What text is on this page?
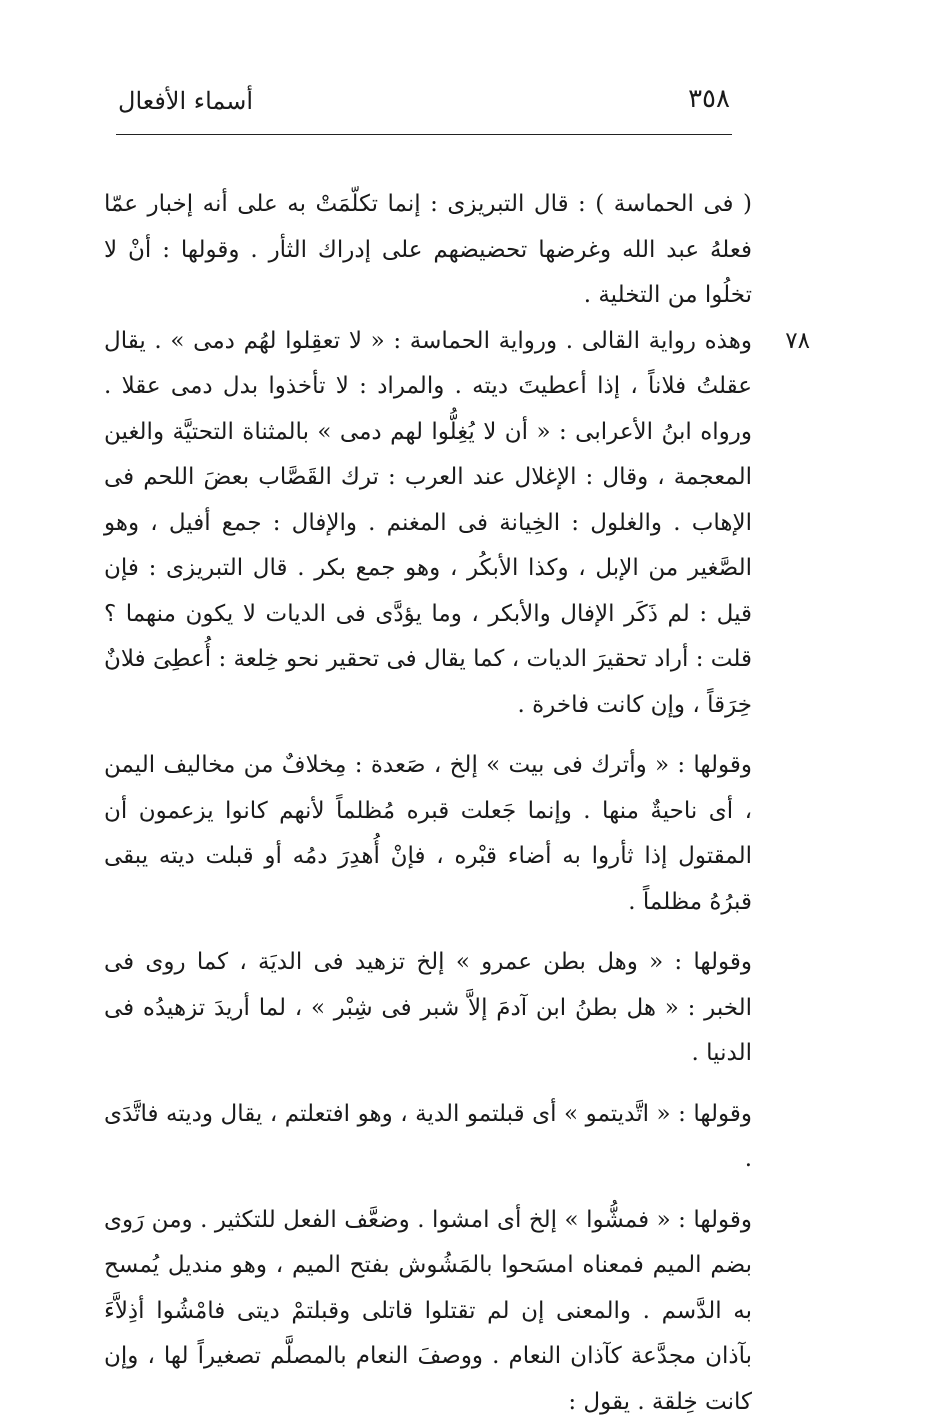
٣٥٨
أسماء الأفعال

( فى الحماسة ) : قال التبريزى : إنما تكلّمَتْ به على أنه إخبار عمّا فعلهُ عبد الله وغرضها تحضيضهم على إدراك الثأر . وقولها : أنْ لا تخلُوا من التخلية .

٧٨
وهذه رواية القالى . ورواية الحماسة : « لا تعقِلوا لهُم دمى » . يقال عقلتُ فلاناً ، إذا أعطيتَ ديته . والمراد : لا تأخذوا بدل دمى عقلا . ورواه ابنُ الأعرابى : « أن لا يُغِلُّوا لهم دمى » بالمثناة التحتيَّة والغين المعجمة ، وقال : الإغلال عند العرب : ترك القَصَّاب بعضَ اللحم فى الإهاب . والغلول : الخِيانة فى المغنم . والإفال : جمع أفيل ، وهو الصَّغير من الإبل ، وكذا الأبكُر ، وهو جمع بكر . قال التبريزى : فإن قيل : لم ذَكَر الإفال والأبكر ، وما يؤدَّى فى الديات لا يكون منهما ؟ قلت : أراد تحقيرَ الديات ، كما يقال فى تحقير نحو خِلعة : أُعطِىَ فلانٌ خِرَقاً ، وإن كانت فاخرة .

وقولها : « وأترك فى بيت » إلخ ، صَعدة : مِخلافٌ من مخاليف اليمن ، أى ناحيةٌ منها . وإنما جَعلت قبره مُظلماً لأنهم كانوا يزعمون أن المقتول إذا ثأروا به أضاء قبْره ، فإنْ أُهدِرَ دمُه أو قبلت ديته يبقى قبرُهُ مظلماً .

وقولها : « وهل بطن عمرو » إلخ تزهيد فى الديَة ، كما روى فى الخبر : « هل بطنُ ابن آدمَ إلاَّ شبر فى شِبْر » ، لما أريدَ تزهيدُه فى الدنيا .

وقولها : « اتَّديتمو » أى قبلتمو الدية ، وهو افتعلتم ، يقال وديته فاتَّدَى .

وقولها : « فمشُّوا » إلخ أى امشوا . وضعَّف الفعل للتكثير . ومن رَوى بضم الميم فمعناه امسَحوا بالمَشُوش بفتح الميم ، وهو منديل يُمسح به الدَّسم . والمعنى إن لم تقتلوا قاتلى وقبلتمْ ديتى فامْشُوا أذِلاَّءَ بآذان مجدَّعة كآذان النعام . ووصفَ النعام بالمصلَّم تصغيراً لها ، وإن كانت خِلقة . يقول :
